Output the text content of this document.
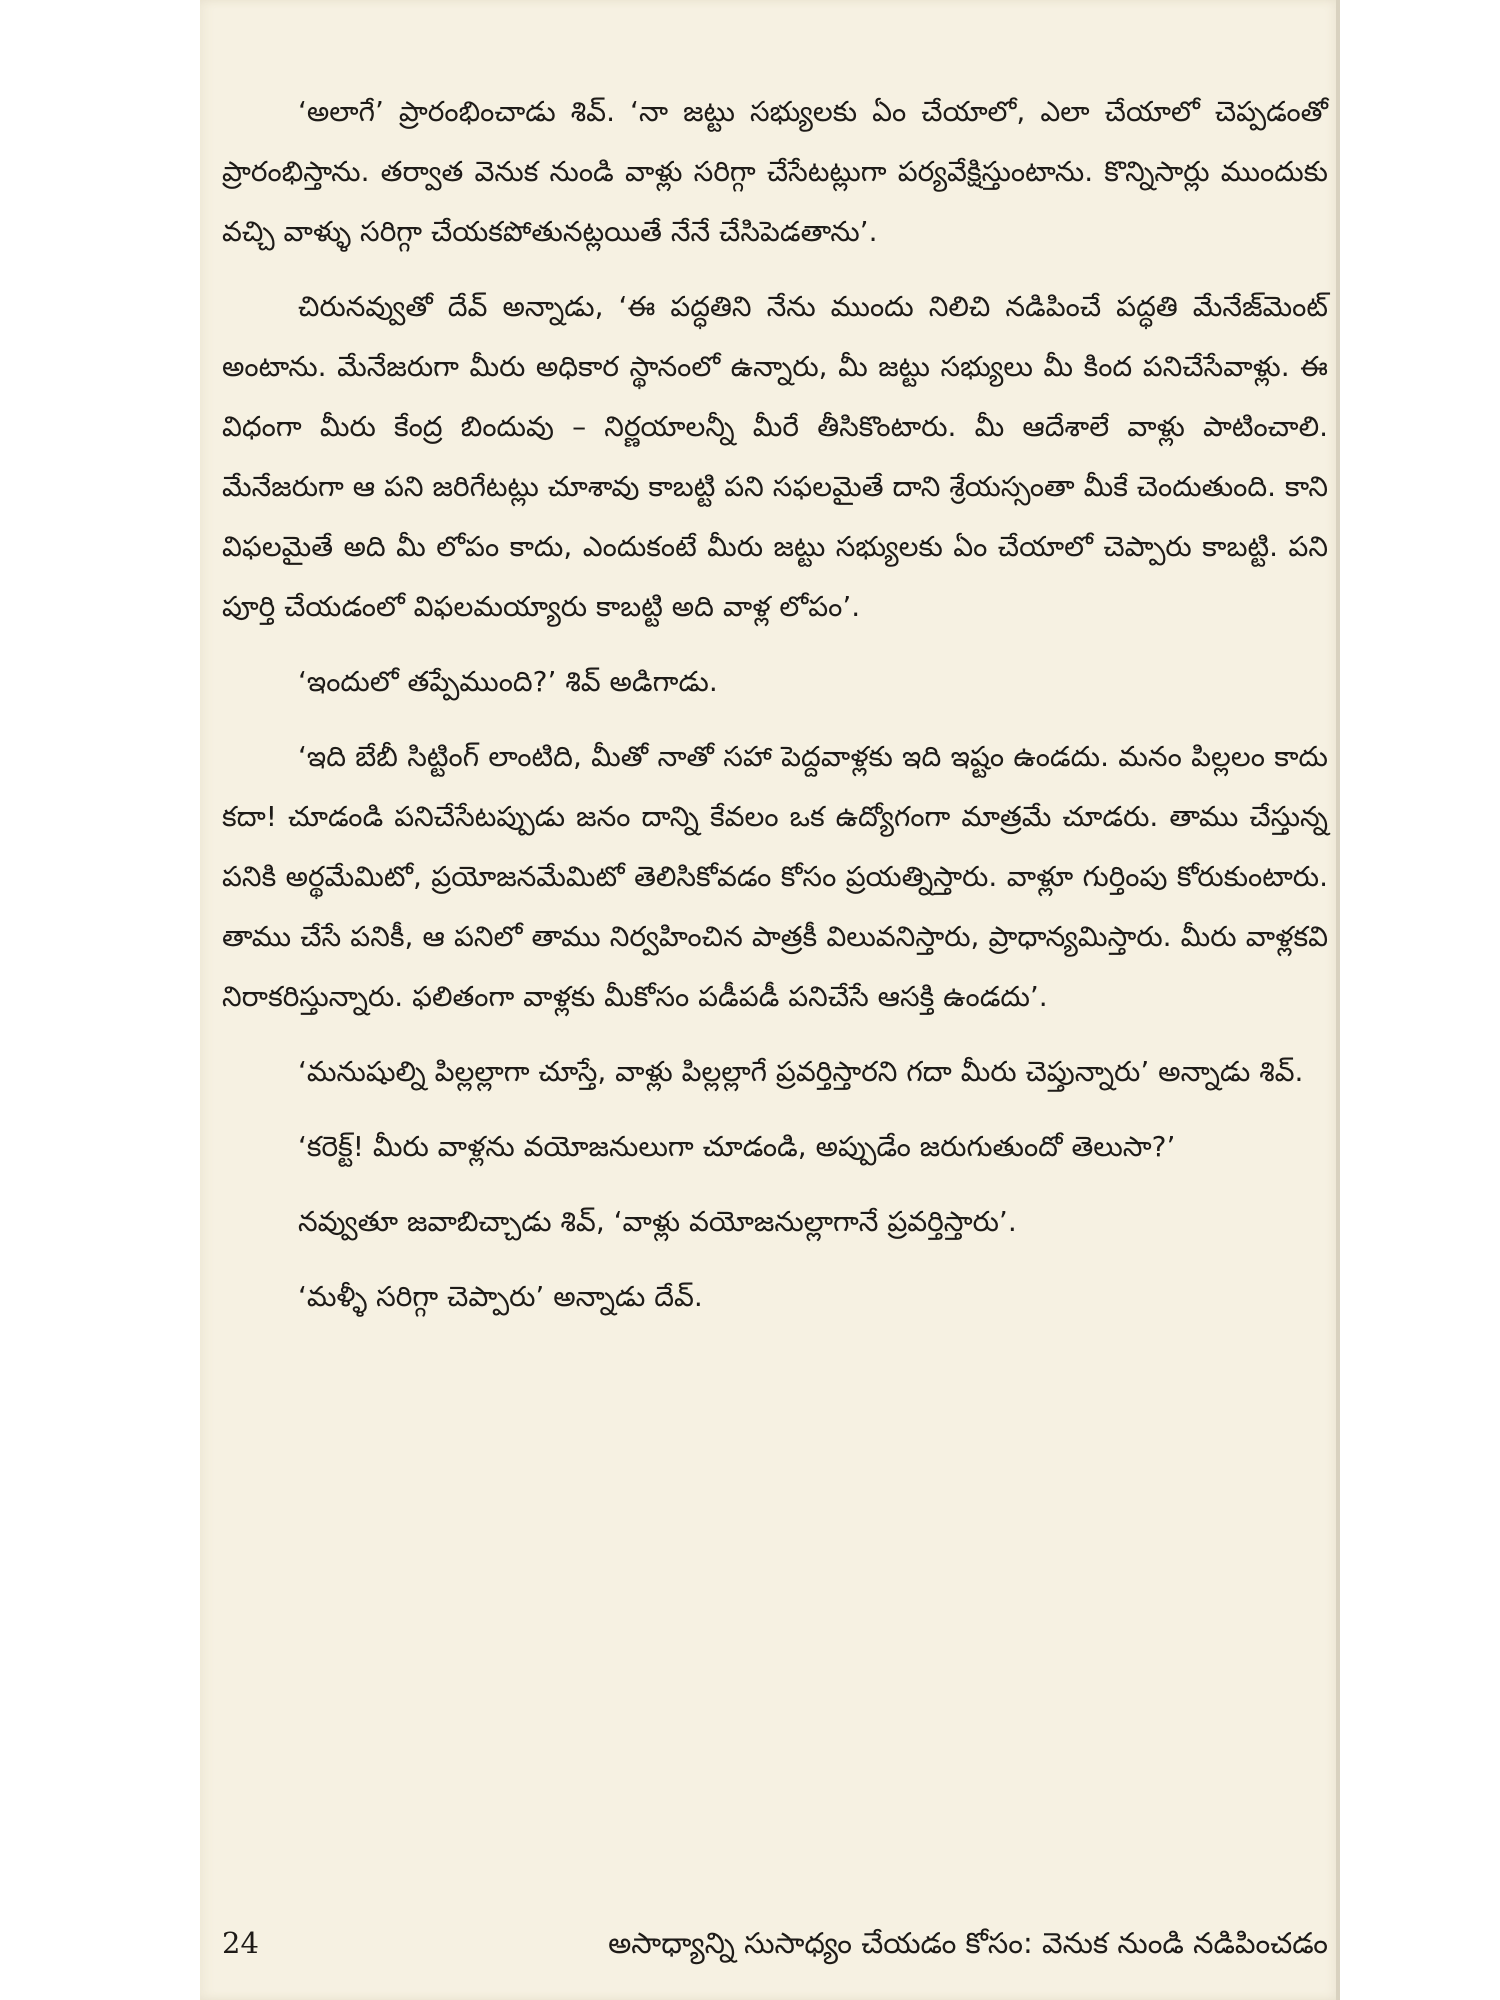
‘అలాగే’ ప్రారంభించాడు శివ్. ‘నా జట్టు సభ్యులకు ఏం చేయాలో, ఎలా చేయాలో చెప్పడంతో ప్రారంభిస్తాను. తర్వాత వెనుక నుండి వాళ్లు సరిగ్గా చేసేటట్లుగా పర్యవేక్షిస్తుంటాను. కొన్నిసార్లు ముందుకు వచ్చి వాళ్ళు సరిగ్గా చేయకపోతునట్లయితే నేనే చేసిపెడతాను’.

చిరునవ్వుతో దేవ్ అన్నాడు, ‘ఈ పద్ధతిని నేను ముందు నిలిచి నడిపించే పద్ధతి మేనేజ్‌మెంట్ అంటాను. మేనేజరుగా మీరు అధికార స్థానంలో ఉన్నారు, మీ జట్టు సభ్యులు మీ కింద పనిచేసేవాళ్లు. ఈ విధంగా మీరు కేంద్ర బిందువు – నిర్ణయాలన్నీ మీరే తీసికొంటారు. మీ ఆదేశాలే వాళ్లు పాటించాలి. మేనేజరుగా ఆ పని జరిగేటట్లు చూశావు కాబట్టి పని సఫలమైతే దాని శ్రేయస్సంతా మీకే చెందుతుంది. కాని విఫలమైతే అది మీ లోపం కాదు, ఎందుకంటే మీరు జట్టు సభ్యులకు ఏం చేయాలో చెప్పారు కాబట్టి. పని పూర్తి చేయడంలో విఫలమయ్యారు కాబట్టి అది వాళ్ల లోపం’.

‘ఇందులో తప్పేముంది?’ శివ్ అడిగాడు.

‘ఇది బేబీ సిట్టింగ్ లాంటిది, మీతో నాతో సహా పెద్దవాళ్లకు ఇది ఇష్టం ఉండదు. మనం పిల్లలం కాదు కదా! చూడండి పనిచేసేటప్పుడు జనం దాన్ని కేవలం ఒక ఉద్యోగంగా మాత్రమే చూడరు. తాము చేస్తున్న పనికి అర్థమేమిటో, ప్రయోజనమేమిటో తెలిసికోవడం కోసం ప్రయత్నిస్తారు. వాళ్లూ గుర్తింపు కోరుకుంటారు. తాము చేసే పనికీ, ఆ పనిలో తాము నిర్వహించిన పాత్రకీ విలువనిస్తారు, ప్రాధాన్యమిస్తారు. మీరు వాళ్లకవి నిరాకరిస్తున్నారు. ఫలితంగా వాళ్లకు మీకోసం పడీపడీ పనిచేసే ఆసక్తి ఉండదు’.

‘మనుషుల్ని పిల్లల్లాగా చూస్తే, వాళ్లు పిల్లల్లాగే ప్రవర్తిస్తారని గదా మీరు చెప్తున్నారు’ అన్నాడు శివ్.

‘కరెక్ట్! మీరు వాళ్లను వయోజనులుగా చూడండి, అప్పుడేం జరుగుతుందో తెలుసా?’

నవ్వుతూ జవాబిచ్చాడు శివ్, ‘వాళ్లు వయోజనుల్లాగానే ప్రవర్తిస్తారు’.

‘మళ్ళీ సరిగ్గా చెప్పారు’ అన్నాడు దేవ్.

24	అసాధ్యాన్ని సుసాధ్యం చేయడం కోసం: వెనుక నుండి నడిపించడం
